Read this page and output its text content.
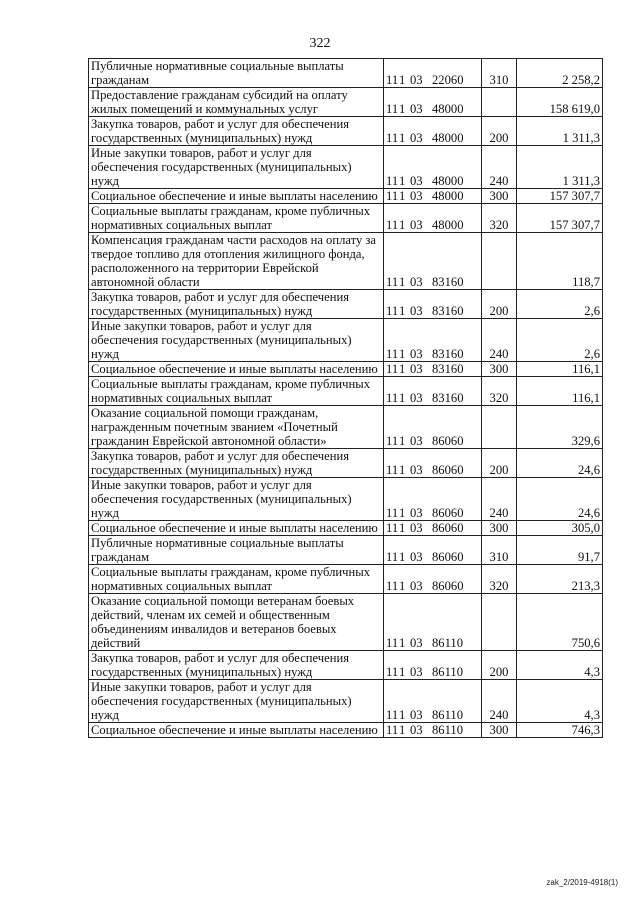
322
Публичные нормативные социальные выплаты гражданам	111 03 22060	310	2 258,2
Предоставление гражданам субсидий на оплату жилых помещений и коммунальных услуг	111 03 48000		158 619,0
Закупка товаров, работ и услуг для обеспечения государственных (муниципальных) нужд	111 03 48000	200	1 311,3
Иные закупки товаров, работ и услуг для обеспечения государственных (муниципальных) нужд	111 03 48000	240	1 311,3
Социальное обеспечение и иные выплаты населению	111 03 48000	300	157 307,7
Социальные выплаты гражданам, кроме публичных нормативных социальных выплат	111 03 48000	320	157 307,7
Компенсация гражданам части расходов на оплату за твердое топливо для отопления жилищного фонда, расположенного на территории Еврейской автономной области	111 03 83160		118,7
Закупка товаров, работ и услуг для обеспечения государственных (муниципальных) нужд	111 03 83160	200	2,6
Иные закупки товаров, работ и услуг для обеспечения государственных (муниципальных) нужд	111 03 83160	240	2,6
Социальное обеспечение и иные выплаты населению	111 03 83160	300	116,1
Социальные выплаты гражданам, кроме публичных нормативных социальных выплат	111 03 83160	320	116,1
Оказание социальной помощи гражданам, награжденным почетным званием «Почетный гражданин Еврейской автономной области»	111 03 86060		329,6
Закупка товаров, работ и услуг для обеспечения государственных (муниципальных) нужд	111 03 86060	200	24,6
Иные закупки товаров, работ и услуг для обеспечения государственных (муниципальных) нужд	111 03 86060	240	24,6
Социальное обеспечение и иные выплаты населению	111 03 86060	300	305,0
Публичные нормативные социальные выплаты гражданам	111 03 86060	310	91,7
Социальные выплаты гражданам, кроме публичных нормативных социальных выплат	111 03 86060	320	213,3
Оказание социальной помощи ветеранам боевых действий, членам их семей и общественным объединениям инвалидов и ветеранов боевых действий	111 03 86110		750,6
Закупка товаров, работ и услуг для обеспечения государственных (муниципальных) нужд	111 03 86110	200	4,3
Иные закупки товаров, работ и услуг для обеспечения государственных (муниципальных) нужд	111 03 86110	240	4,3
Социальное обеспечение и иные выплаты населению	111 03 86110	300	746,3
zak_2/2019-4918(1)
